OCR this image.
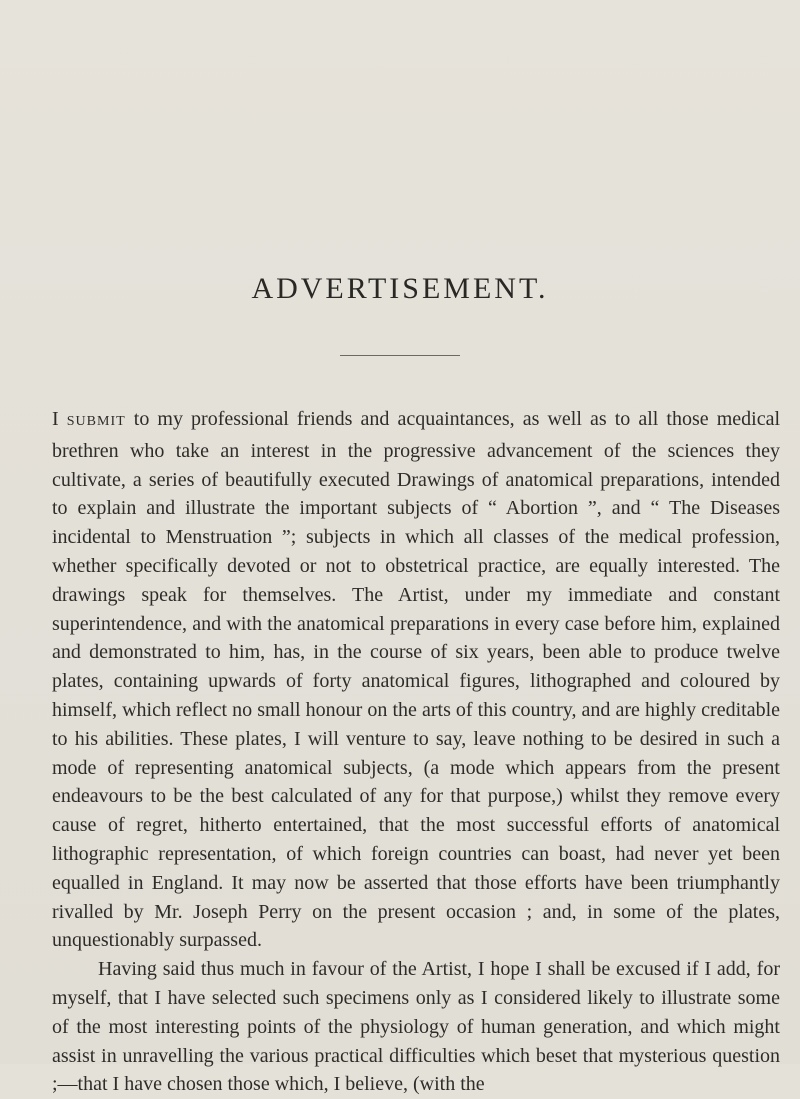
ADVERTISEMENT.

I SUBMIT to my professional friends and acquaintances, as well as to all those medical brethren who take an interest in the progressive advancement of the sciences they cultivate, a series of beautifully executed Drawings of anatomical preparations, intended to explain and illustrate the important subjects of “ Abortion ”, and “ The Diseases incidental to Menstruation ”; subjects in which all classes of the medical profession, whether specifically devoted or not to obstetrical practice, are equally interested. The drawings speak for themselves. The Artist, under my immediate and constant superintendence, and with the anatomical preparations in every case before him, explained and demonstrated to him, has, in the course of six years, been able to produce twelve plates, containing upwards of forty anatomical figures, lithographed and coloured by himself, which reflect no small honour on the arts of this country, and are highly creditable to his abilities. These plates, I will venture to say, leave nothing to be desired in such a mode of representing anatomical subjects, (a mode which appears from the present endeavours to be the best calculated of any for that purpose,) whilst they remove every cause of regret, hitherto entertained, that the most successful efforts of anatomical lithographic representation, of which foreign countries can boast, had never yet been equalled in England. It may now be asserted that those efforts have been triumphantly rivalled by Mr. Joseph Perry on the present occasion ; and, in some of the plates, unquestionably surpassed.

Having said thus much in favour of the Artist, I hope I shall be excused if I add, for myself, that I have selected such specimens only as I considered likely to illustrate some of the most interesting points of the physiology of human generation, and which might assist in unravelling the various practical difficulties which beset that mysterious question ;—that I have chosen those which, I believe, (with the
